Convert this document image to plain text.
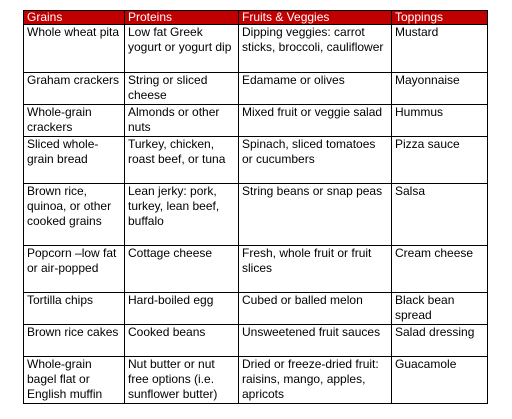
Grains	Proteins	Fruits & Veggies	Toppings
Whole wheat pita	Low fat Greek yogurt or yogurt dip	Dipping veggies: carrot sticks, broccoli, cauliflower	Mustard
Graham crackers	String or sliced cheese	Edamame or olives	Mayonnaise
Whole-grain crackers	Almonds or other nuts	Mixed fruit or veggie salad	Hummus
Sliced whole-grain bread	Turkey, chicken, roast beef, or tuna	Spinach, sliced tomatoes or cucumbers	Pizza sauce
Brown rice, quinoa, or other cooked grains	Lean jerky: pork, turkey, lean beef, buffalo	String beans or snap peas	Salsa
Popcorn –low fat or air-popped	Cottage cheese	Fresh, whole fruit or fruit slices	Cream cheese
Tortilla chips	Hard-boiled egg	Cubed or balled melon	Black bean spread
Brown rice cakes	Cooked beans	Unsweetened fruit sauces	Salad dressing
Whole-grain bagel flat or English muffin	Nut butter or nut free options (i.e. sunflower butter)	Dried or freeze-dried fruit: raisins, mango, apples, apricots	Guacamole
